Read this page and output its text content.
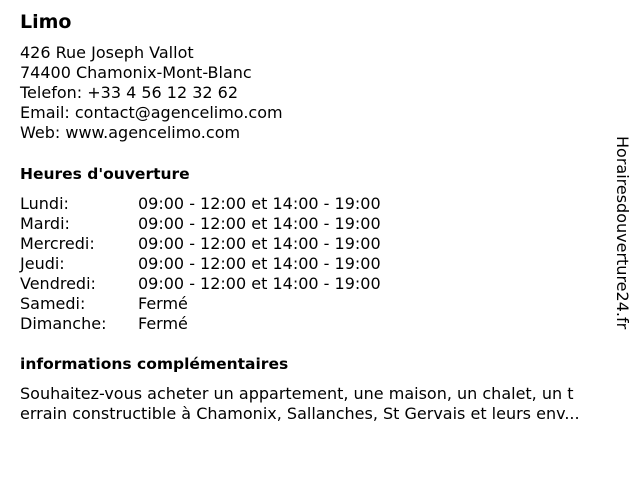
Limo
426 Rue Joseph Vallot
74400 Chamonix-Mont-Blanc
Telefon: +33 4 56 12 32 62
Email: contact@agencelimo.com
Web: www.agencelimo.com
Heures d'ouverture
Lundi:	09:00 - 12:00 et 14:00 - 19:00
Mardi:	09:00 - 12:00 et 14:00 - 19:00
Mercredi:	09:00 - 12:00 et 14:00 - 19:00
Jeudi:	09:00 - 12:00 et 14:00 - 19:00
Vendredi:	09:00 - 12:00 et 14:00 - 19:00
Samedi:	Fermé
Dimanche:	Fermé
informations complémentaires
Souhaitez-vous acheter un appartement, une maison, un chalet, un t
errain constructible à Chamonix, Sallanches, St Gervais et leurs env...
Horairesdouverture24.fr
